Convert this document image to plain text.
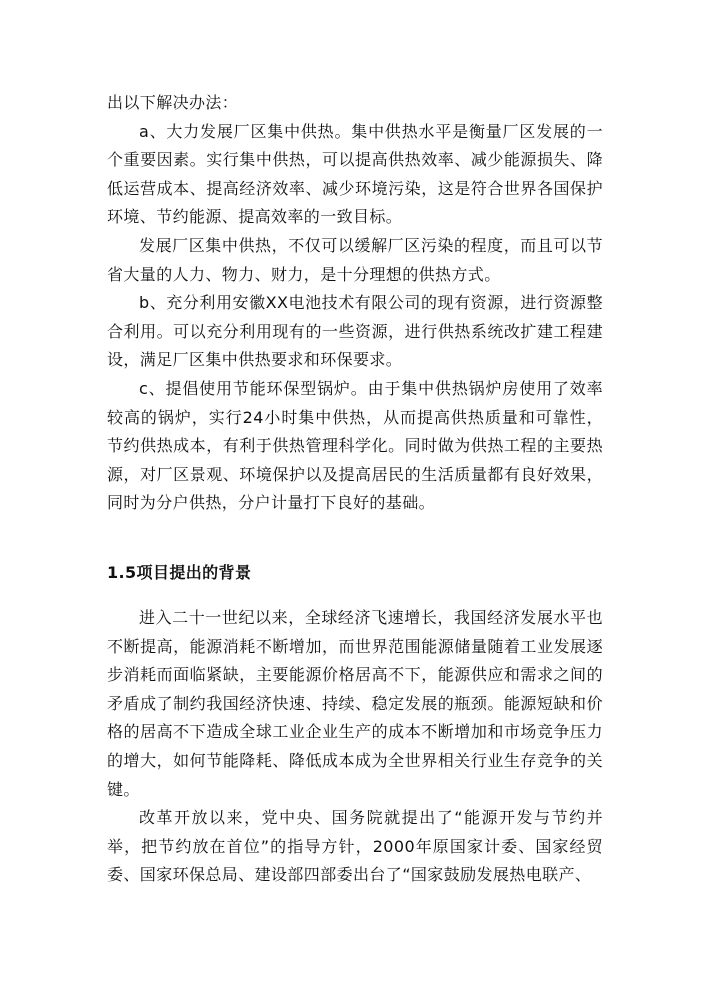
出以下解决办法：

a、大力发展厂区集中供热。集中供热水平是衡量厂区发展的一个重要因素。实行集中供热，可以提高供热效率、减少能源损失、降低运营成本、提高经济效率、减少环境污染，这是符合世界各国保护环境、节约能源、提高效率的一致目标。

发展厂区集中供热，不仅可以缓解厂区污染的程度，而且可以节省大量的人力、物力、财力，是十分理想的供热方式。

b、充分利用安徽XX电池技术有限公司的现有资源，进行资源整合利用。可以充分利用现有的一些资源，进行供热系统改扩建工程建设，满足厂区集中供热要求和环保要求。

c、提倡使用节能环保型锅炉。由于集中供热锅炉房使用了效率较高的锅炉，实行24小时集中供热，从而提高供热质量和可靠性，节约供热成本，有利于供热管理科学化。同时做为供热工程的主要热源，对厂区景观、环境保护以及提高居民的生活质量都有良好效果，同时为分户供热，分户计量打下良好的基础。

1.5项目提出的背景

进入二十一世纪以来，全球经济飞速增长，我国经济发展水平也不断提高，能源消耗不断增加，而世界范围能源储量随着工业发展逐步消耗而面临紧缺，主要能源价格居高不下，能源供应和需求之间的矛盾成了制约我国经济快速、持续、稳定发展的瓶颈。能源短缺和价格的居高不下造成全球工业企业生产的成本不断增加和市场竞争压力的增大，如何节能降耗、降低成本成为全世界相关行业生存竞争的关键。

改革开放以来，党中央、国务院就提出了“能源开发与节约并举，把节约放在首位”的指导方针，2000年原国家计委、国家经贸委、国家环保总局、建设部四部委出台了“国家鼓励发展热电联产、
